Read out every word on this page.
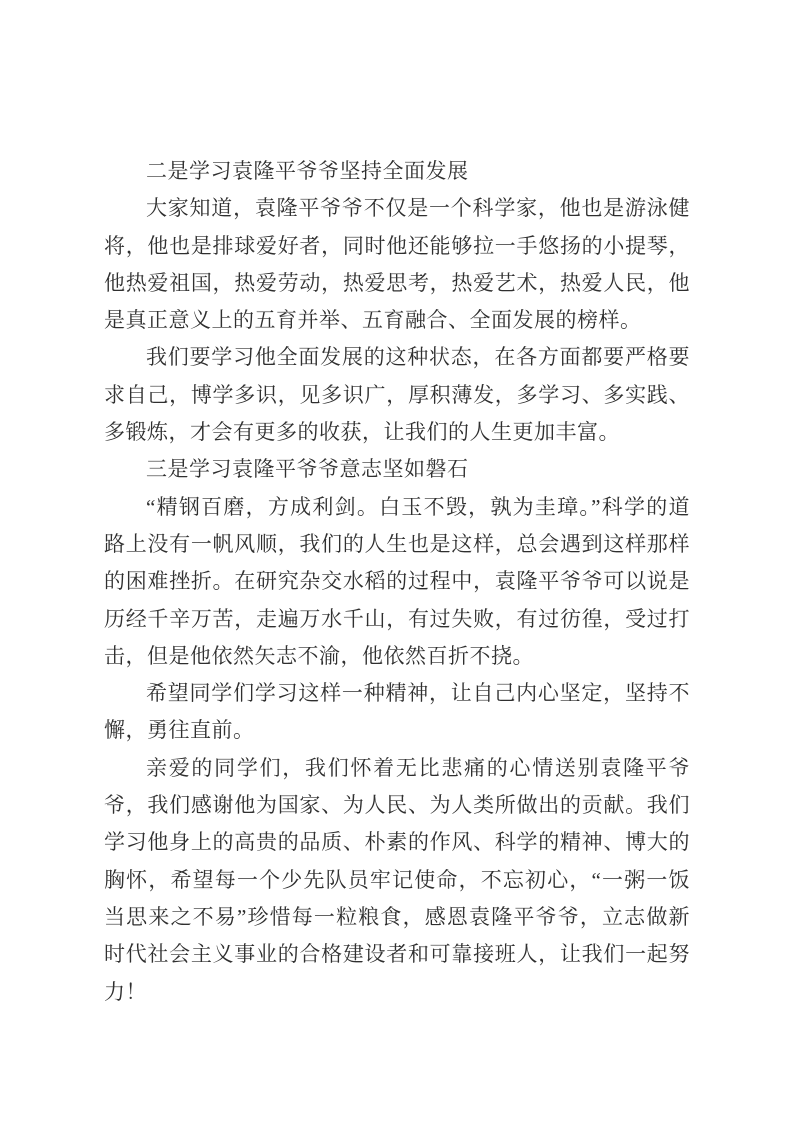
二是学习袁隆平爷爷坚持全面发展

大家知道，袁隆平爷爷不仅是一个科学家，他也是游泳健将，他也是排球爱好者，同时他还能够拉一手悠扬的小提琴，他热爱祖国，热爱劳动，热爱思考，热爱艺术，热爱人民，他是真正意义上的五育并举、五育融合、全面发展的榜样。

我们要学习他全面发展的这种状态，在各方面都要严格要求自己，博学多识，见多识广，厚积薄发，多学习、多实践、多锻炼，才会有更多的收获，让我们的人生更加丰富。

三是学习袁隆平爷爷意志坚如磐石

“精钢百磨，方成利剑。白玉不毁，孰为圭璋。”科学的道路上没有一帆风顺，我们的人生也是这样，总会遇到这样那样的困难挫折。在研究杂交水稻的过程中，袁隆平爷爷可以说是历经千辛万苦，走遍万水千山，有过失败，有过彷徨，受过打击，但是他依然矢志不渝，他依然百折不挠。

希望同学们学习这样一种精神，让自己内心坚定，坚持不懈，勇往直前。

亲爱的同学们，我们怀着无比悲痛的心情送别袁隆平爷爷，我们感谢他为国家、为人民、为人类所做出的贡献。我们学习他身上的高贵的品质、朴素的作风、科学的精神、博大的胸怀，希望每一个少先队员牢记使命，不忘初心，“一粥一饭当思来之不易”珍惜每一粒粮食，感恩袁隆平爷爷，立志做新时代社会主义事业的合格建设者和可靠接班人，让我们一起努力！
